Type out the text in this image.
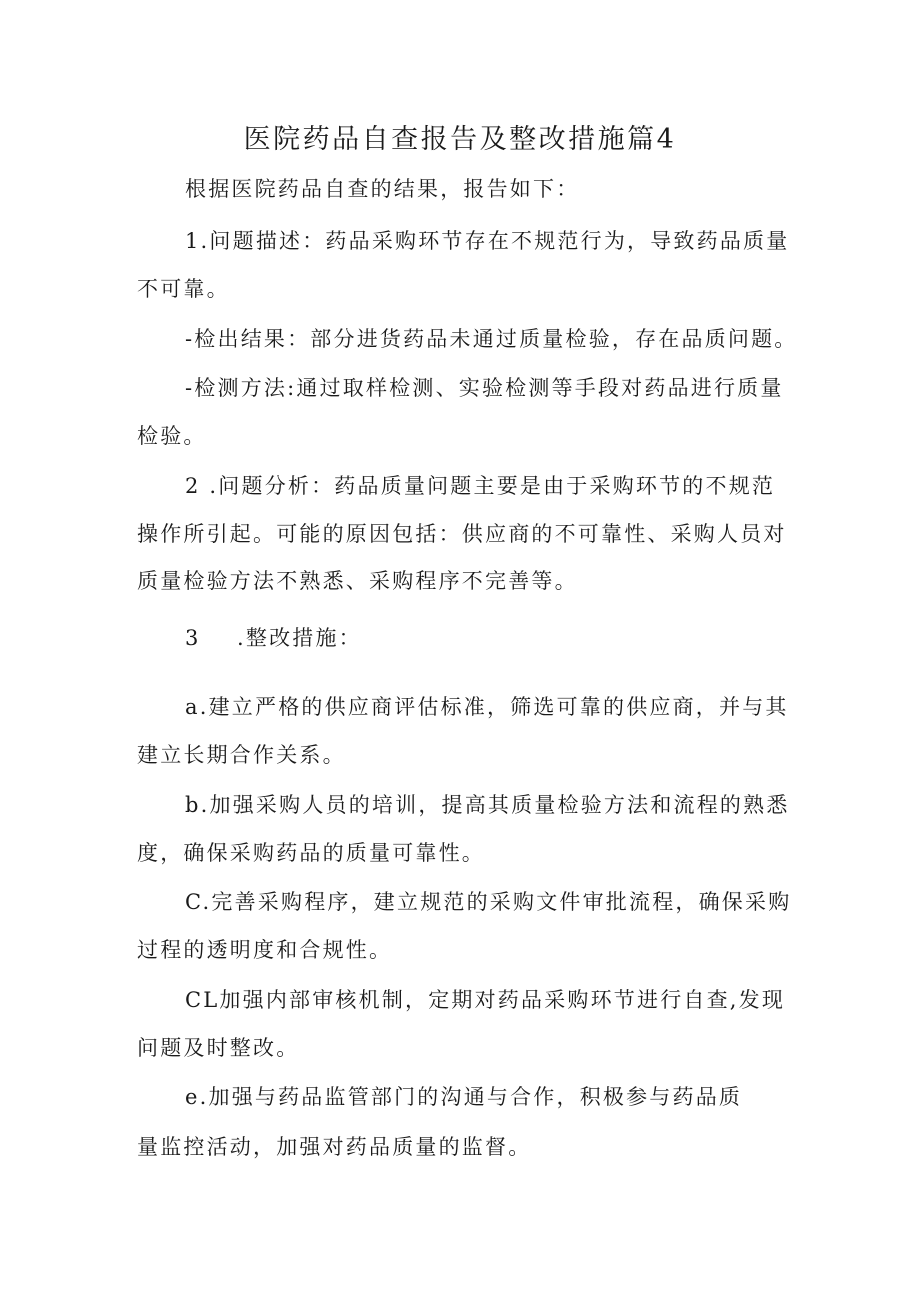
医院药品自查报告及整改措施篇4
根据医院药品自查的结果，报告如下：
1.问题描述：药品采购环节存在不规范行为，导致药品质量
不可靠。
-检出结果：部分进货药品未通过质量检验，存在品质问题。
-检测方法:通过取样检测、实验检测等手段对药品进行质量
检验。
2 .问题分析：药品质量问题主要是由于采购环节的不规范
操作所引起。可能的原因包括：供应商的不可靠性、采购人员对
质量检验方法不熟悉、采购程序不完善等。
3 .整改措施：
a.建立严格的供应商评估标准，筛选可靠的供应商，并与其
建立长期合作关系。
b.加强采购人员的培训，提高其质量检验方法和流程的熟悉
度，确保采购药品的质量可靠性。
C.完善采购程序，建立规范的采购文件审批流程，确保采购
过程的透明度和合规性。
CL加强内部审核机制，定期对药品采购环节进行自查,发现
问题及时整改。
e.加强与药品监管部门的沟通与合作，积极参与药品质
量监控活动，加强对药品质量的监督。
